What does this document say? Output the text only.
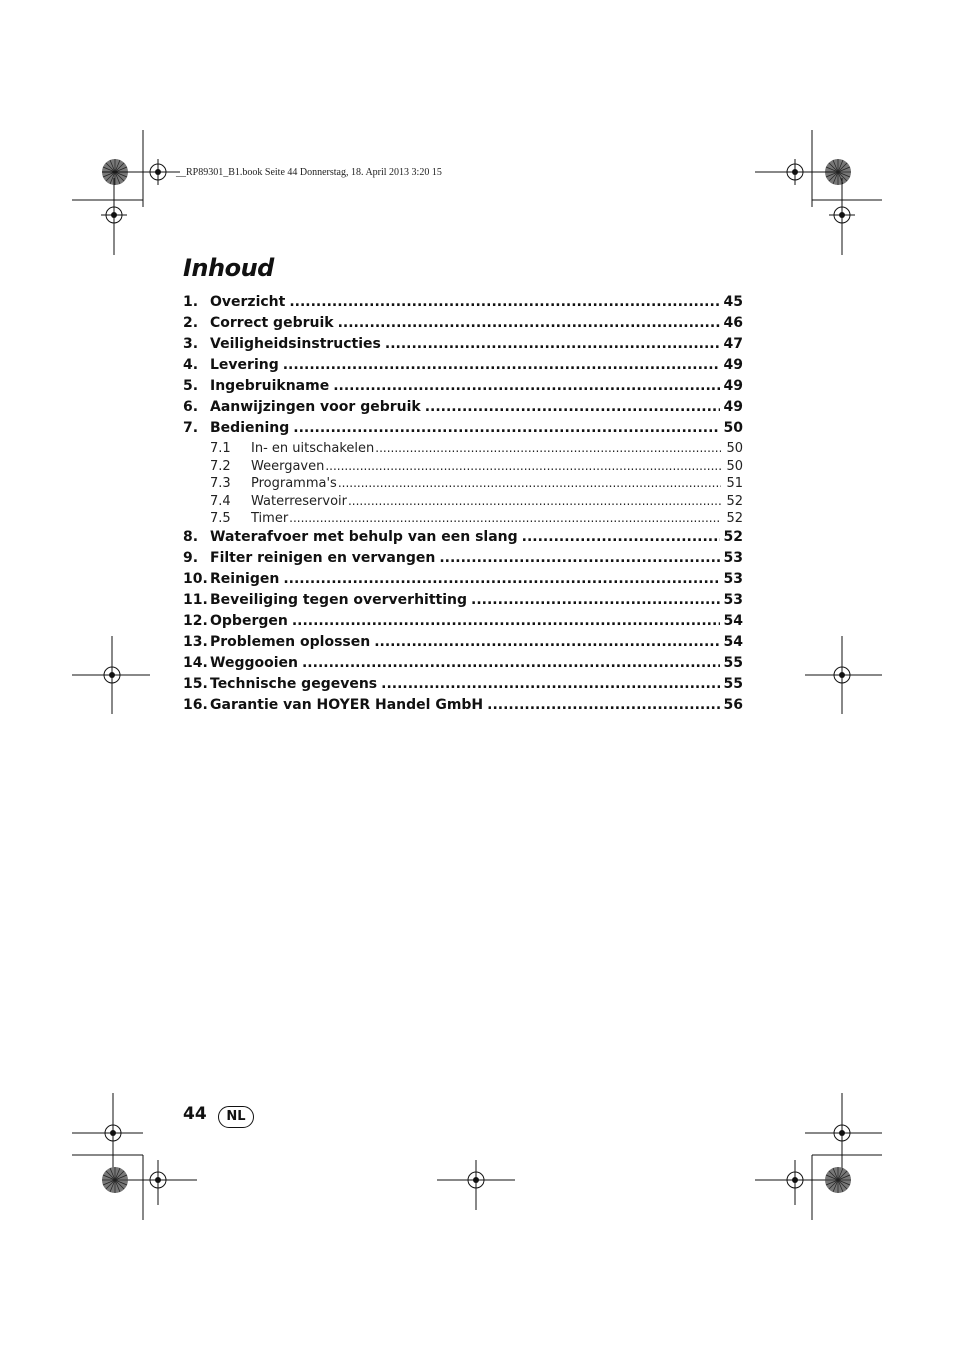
__RP89301_B1.book Seite 44 Donnerstag, 18. April 2013 3:20 15
Inhoud
1. Overzicht .....	45
2. Correct gebruik .....	46
3. Veiligheidsinstructies .....	47
4. Levering .....	49
5. Ingebruikname .....	49
6. Aanwijzingen voor gebruik .....	49
7. Bediening .....	50
7.1	In- en uitschakelen .....	50
7.2	Weergaven .....	50
7.3	Programma's .....	51
7.4	Waterreservoir .....	52
7.5	Timer .....	52
8. Waterafvoer met behulp van een slang .....	52
9. Filter reinigen en vervangen .....	53
10. Reinigen .....	53
11. Beveiliging tegen oververhitting .....	53
12. Opbergen .....	54
13. Problemen oplossen .....	54
14. Weggooien .....	55
15. Technische gegevens .....	55
16. Garantie van HOYER Handel GmbH .....	56
44	NL
